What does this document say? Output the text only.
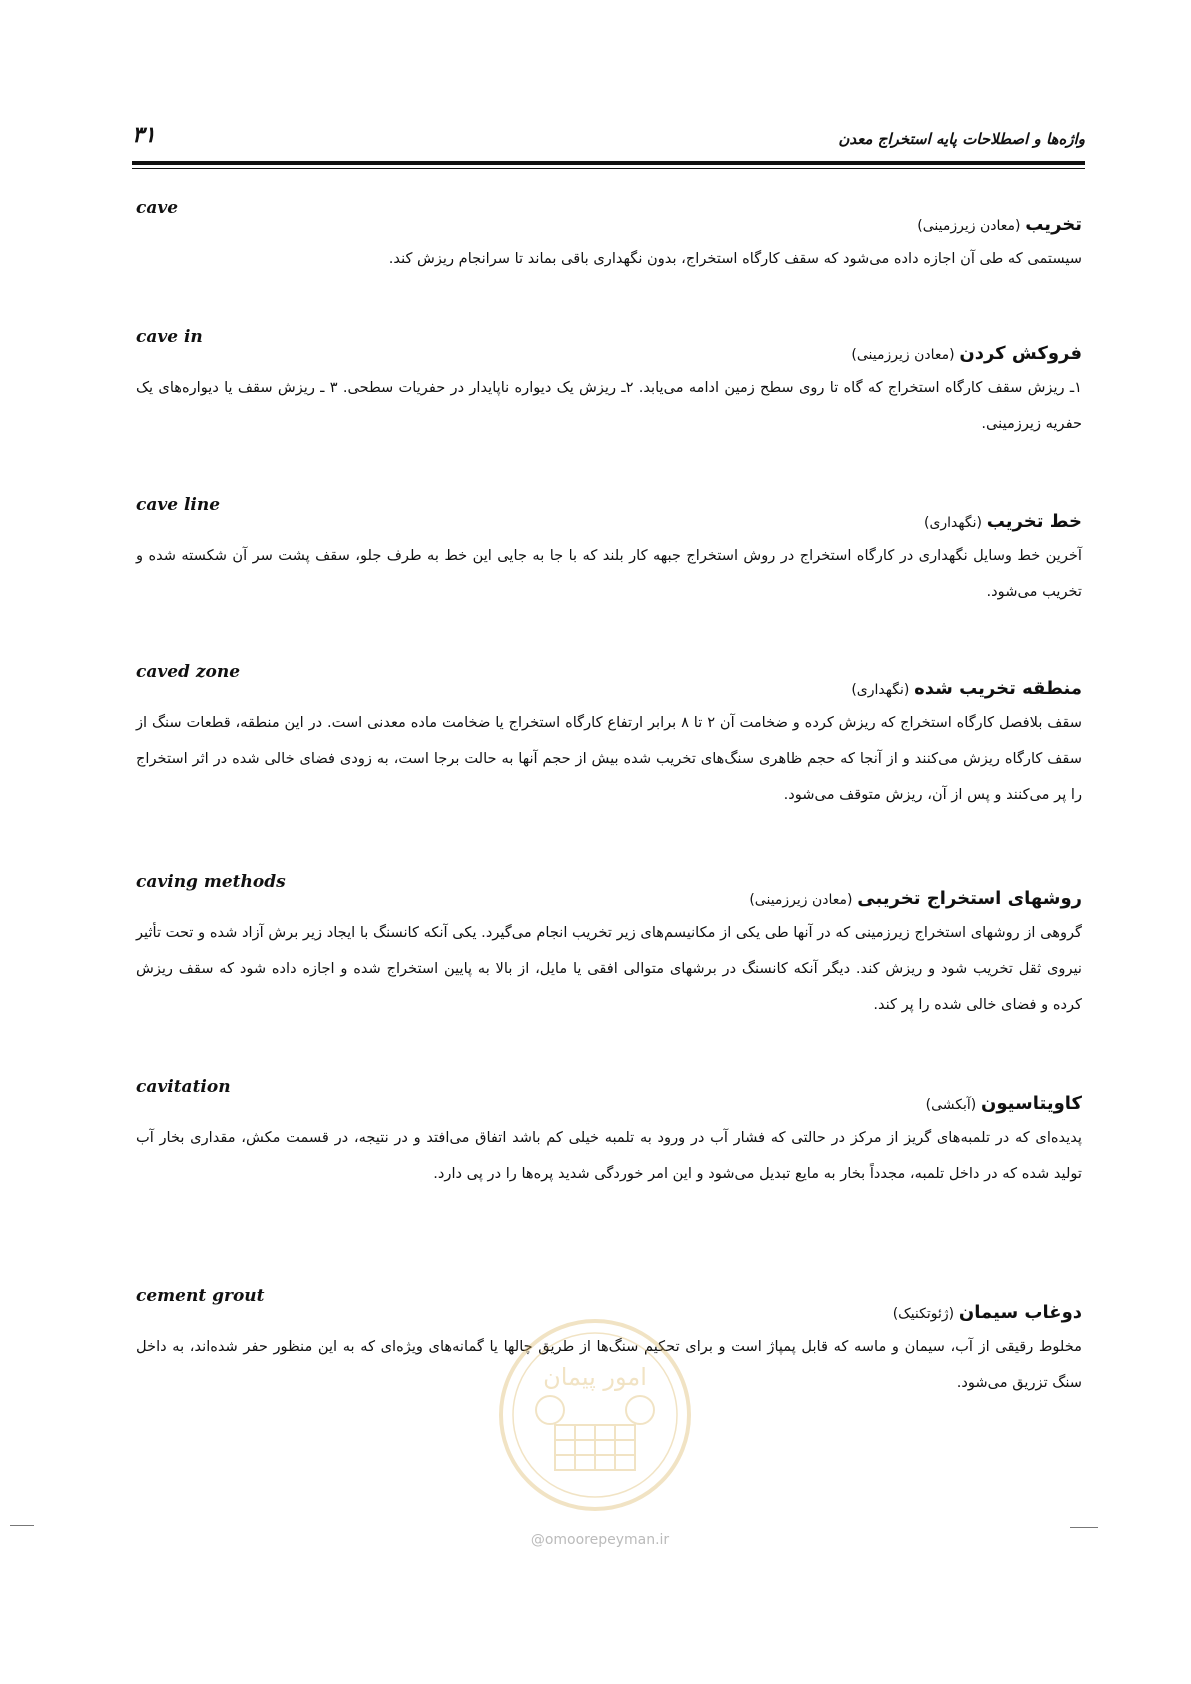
۳۱	واژه‌ها و اصطلاحات پایه استخراج معدن
cave
تخریب (معادن زیرزمینی)
سیستمی که طی آن اجازه داده می‌شود که سقف کارگاه استخراج، بدون نگهداری باقی بماند تا سرانجام ریزش کند.
cave in
فروکش کردن (معادن زیرزمینی)
۱ـ ریزش سقف کارگاه استخراج که گاه تا روی سطح زمین ادامه می‌یابد. ۲ـ ریزش یک دیواره ناپایدار در حفریات سطحی. ۳ ـ ریزش سقف یا دیواره‌های یک حفریه زیرزمینی.
cave line
خط تخریب (نگهداری)
آخرین خط وسایل نگهداری در کارگاه استخراج در روش استخراج جبهه کار بلند که با جا به جایی این خط به طرف جلو، سقف پشت سر آن شکسته شده و تخریب می‌شود.
caved zone
منطقه تخریب شده (نگهداری)
سقف بلافصل کارگاه استخراج که ریزش کرده و ضخامت آن ۲ تا ۸ برابر ارتفاع کارگاه استخراج یا ضخامت ماده معدنی است. در این منطقه، قطعات سنگ از سقف کارگاه ریزش می‌کنند و از آنجا که حجم ظاهری سنگ‌های تخریب شده بیش از حجم آنها به حالت برجا است، به زودی فضای خالی شده در اثر استخراج را پر می‌کنند و پس از آن، ریزش متوقف می‌شود.
caving methods
روشهای استخراج تخریبی (معادن زیرزمینی)
گروهی از روشهای استخراج زیرزمینی که در آنها طی یکی از مکانیسم‌های زیر تخریب انجام می‌گیرد. یکی آنکه کانسنگ با ایجاد زیر برش آزاد شده و تحت تأثیر نیروی ثقل تخریب شود و ریزش کند. دیگر آنکه کانسنگ در برشهای متوالی افقی یا مایل، از بالا به پایین استخراج شده و اجازه داده شود که سقف ریزش کرده و فضای خالی شده را پر کند.
cavitation
کاویتاسیون (آبکشی)
پدیده‌ای که در تلمبه‌های گریز از مرکز در حالتی که فشار آب در ورود به تلمبه خیلی کم باشد اتفاق می‌افتد و در نتیجه، در قسمت مکش، مقداری بخار آب تولید شده که در داخل تلمبه، مجدداً بخار به مایع تبدیل می‌شود و این امر خوردگی شدید پره‌ها را در پی دارد.
cement grout
دوغاب سیمان (ژئوتکنیک)
مخلوط رقیقی از آب، سیمان و ماسه که قابل پمپاژ است و برای تحکیم سنگ‌ها از طریق چالها یا گمانه‌های ویژه‌ای که به این منظور حفر شده‌اند، به داخل سنگ تزریق می‌شود.
امور پیمان
@omoorepeyman.ir
